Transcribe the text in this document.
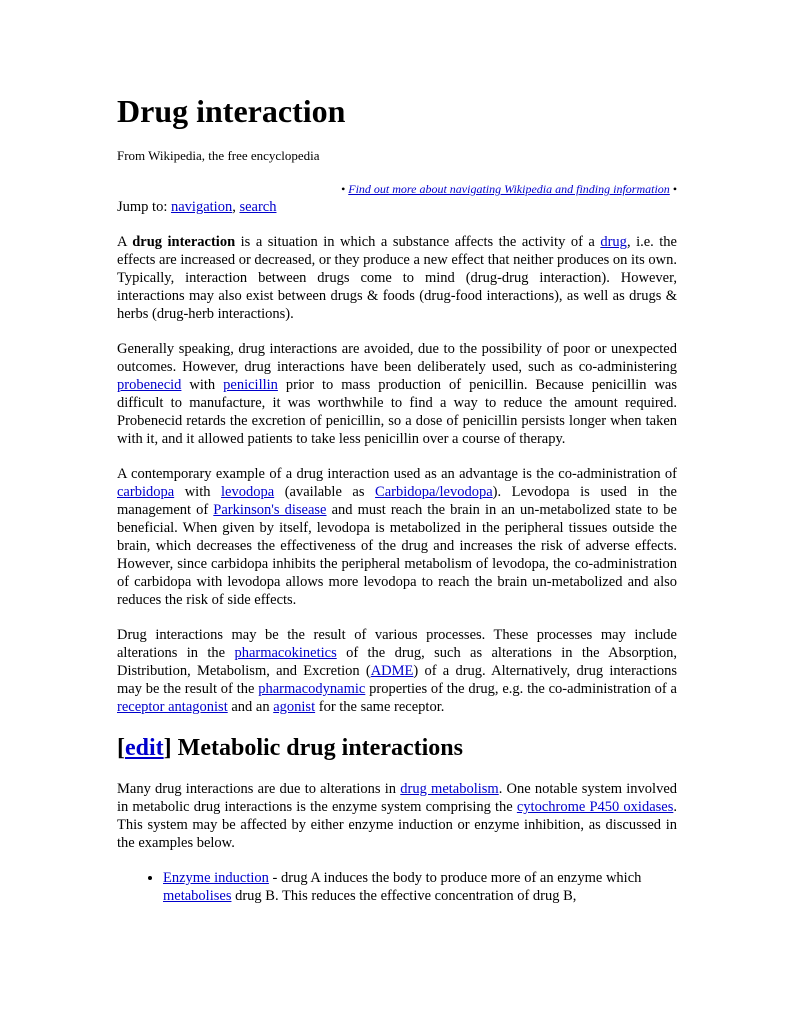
Drug interaction
From Wikipedia, the free encyclopedia
• Find out more about navigating Wikipedia and finding information •
Jump to: navigation, search

A drug interaction is a situation in which a substance affects the activity of a drug, i.e. the effects are increased or decreased, or they produce a new effect that neither produces on its own. Typically, interaction between drugs come to mind (drug-drug interaction). However, interactions may also exist between drugs & foods (drug-food interactions), as well as drugs & herbs (drug-herb interactions).

Generally speaking, drug interactions are avoided, due to the possibility of poor or unexpected outcomes. However, drug interactions have been deliberately used, such as co-administering probenecid with penicillin prior to mass production of penicillin. Because penicillin was difficult to manufacture, it was worthwhile to find a way to reduce the amount required. Probenecid retards the excretion of penicillin, so a dose of penicillin persists longer when taken with it, and it allowed patients to take less penicillin over a course of therapy.

A contemporary example of a drug interaction used as an advantage is the co-administration of carbidopa with levodopa (available as Carbidopa/levodopa). Levodopa is used in the management of Parkinson's disease and must reach the brain in an un-metabolized state to be beneficial. When given by itself, levodopa is metabolized in the peripheral tissues outside the brain, which decreases the effectiveness of the drug and increases the risk of adverse effects. However, since carbidopa inhibits the peripheral metabolism of levodopa, the co-administration of carbidopa with levodopa allows more levodopa to reach the brain un-metabolized and also reduces the risk of side effects.

Drug interactions may be the result of various processes. These processes may include alterations in the pharmacokinetics of the drug, such as alterations in the Absorption, Distribution, Metabolism, and Excretion (ADME) of a drug. Alternatively, drug interactions may be the result of the pharmacodynamic properties of the drug, e.g. the co-administration of a receptor antagonist and an agonist for the same receptor.

[edit] Metabolic drug interactions

Many drug interactions are due to alterations in drug metabolism. One notable system involved in metabolic drug interactions is the enzyme system comprising the cytochrome P450 oxidases. This system may be affected by either enzyme induction or enzyme inhibition, as discussed in the examples below.

• Enzyme induction - drug A induces the body to produce more of an enzyme which metabolises drug B. This reduces the effective concentration of drug B,
